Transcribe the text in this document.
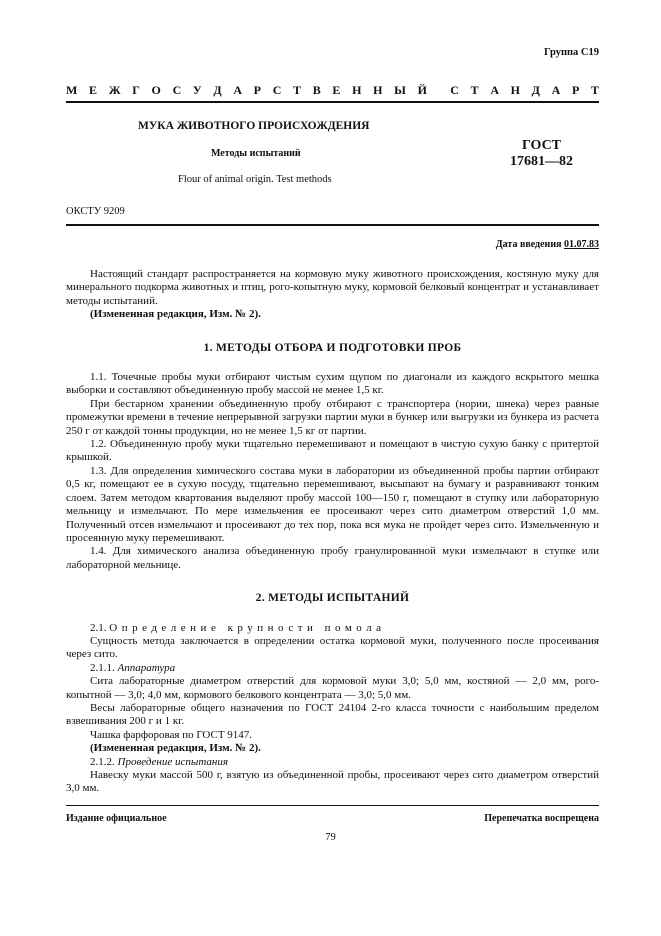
Группа С19
М Е Ж Г О С У Д А Р С Т В Е Н Н Ы Й С Т А Н Д А Р Т
МУКА ЖИВОТНОГО ПРОИСХОЖДЕНИЯ
Методы испытаний
Flour of animal origin. Test methods
ГОСТ
17681—82
ОКСТУ 9209
Дата введения 01.07.83

Настоящий стандарт распространяется на кормовую муку животного происхождения, костяную муку для минерального подкорма животных и птиц, рого-копытную муку, кормовой белковый концентрат и устанавливает методы испытаний.

(Измененная редакция, Изм. № 2).

1. МЕТОДЫ ОТБОРА И ПОДГОТОВКИ ПРОБ

1.1. Точечные пробы муки отбирают чистым сухим щупом по диагонали из каждого вскрытого мешка выборки и составляют объединенную пробу массой не менее 1,5 кг.

При бестарном хранении объединенную пробу отбирают с транспортера (нории, шнека) через равные промежутки времени в течение непрерывной загрузки партии муки в бункер или выгрузки из бункера из расчета 250 г от каждой тонны продукции, но не менее 1,5 кг от партии.

1.2. Объединенную пробу муки тщательно перемешивают и помещают в чистую сухую банку с притертой крышкой.

1.3. Для определения химического состава муки в лаборатории из объединенной пробы партии отбирают 0,5 кг, помещают ее в сухую посуду, тщательно перемешивают, высыпают на бумагу и разравнивают тонким слоем. Затем методом квартования выделяют пробу массой 100—150 г, помещают в ступку или лабораторную мельницу и измельчают. По мере измельчения ее просеивают через сито диаметром отверстий 1,0 мм. Полученный отсев измельчают и просеивают до тех пор, пока вся мука не пройдет через сито. Измельченную и просеянную муку перемешивают.

1.4. Для химического анализа объединенную пробу гранулированной муки измельчают в ступке или лабораторной мельнице.

2. МЕТОДЫ ИСПЫТАНИЙ

2.1. Определение крупности помола

Сущность метода заключается в определении остатка кормовой муки, полученного после просеивания через сито.

2.1.1. Аппаратура

Сита лабораторные диаметром отверстий для кормовой муки 3,0; 5,0 мм, костяной — 2,0 мм, рого-копытной — 3,0; 4,0 мм, кормового белкового концентрата — 3,0; 5,0 мм.

Весы лабораторные общего назначения по ГОСТ 24104 2-го класса точности с наибольшим пределом взвешивания 200 г и 1 кг.

Чашка фарфоровая по ГОСТ 9147.

(Измененная редакция, Изм. № 2).

2.1.2. Проведение испытания

Навеску муки массой 500 г, взятую из объединенной пробы, просеивают через сито диаметром отверстий 3,0 мм.

Издание официальное	Перепечатка воспрещена
79
